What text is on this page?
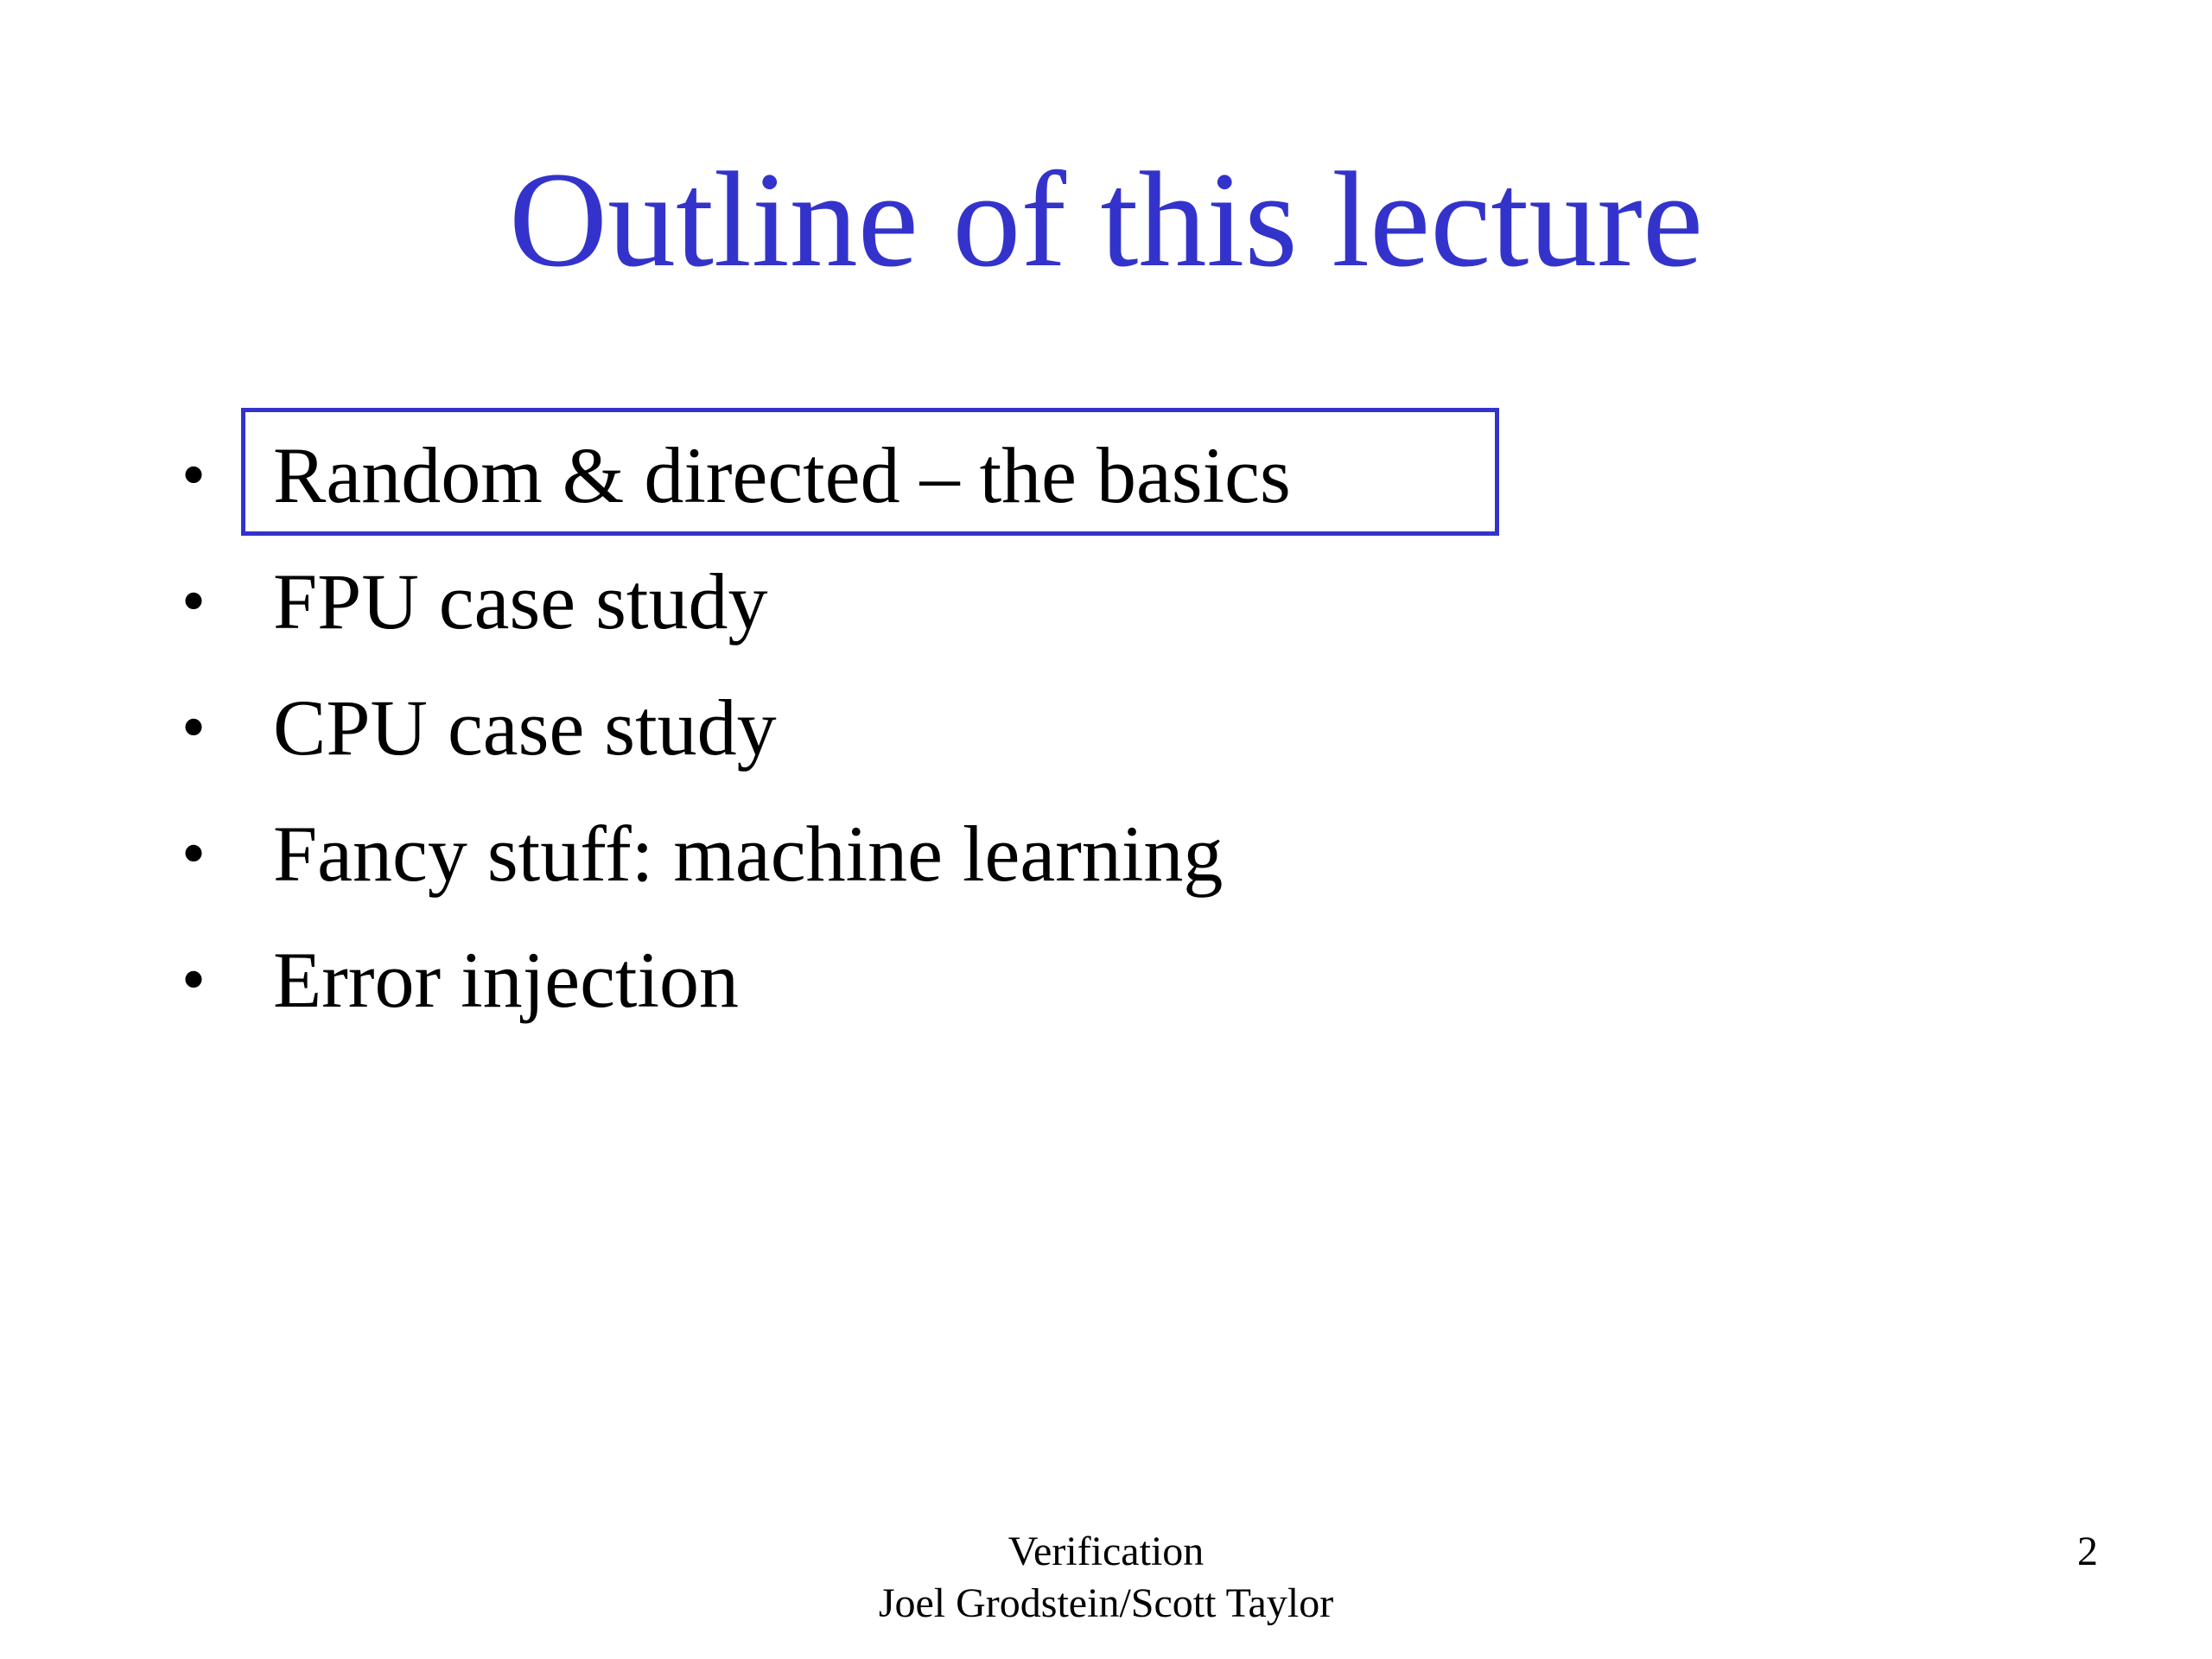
Outline of this lecture
• Random & directed – the basics
• FPU case study
• CPU case study
• Fancy stuff: machine learning
• Error injection
Verification
Joel Grodstein/Scott Taylor
2
